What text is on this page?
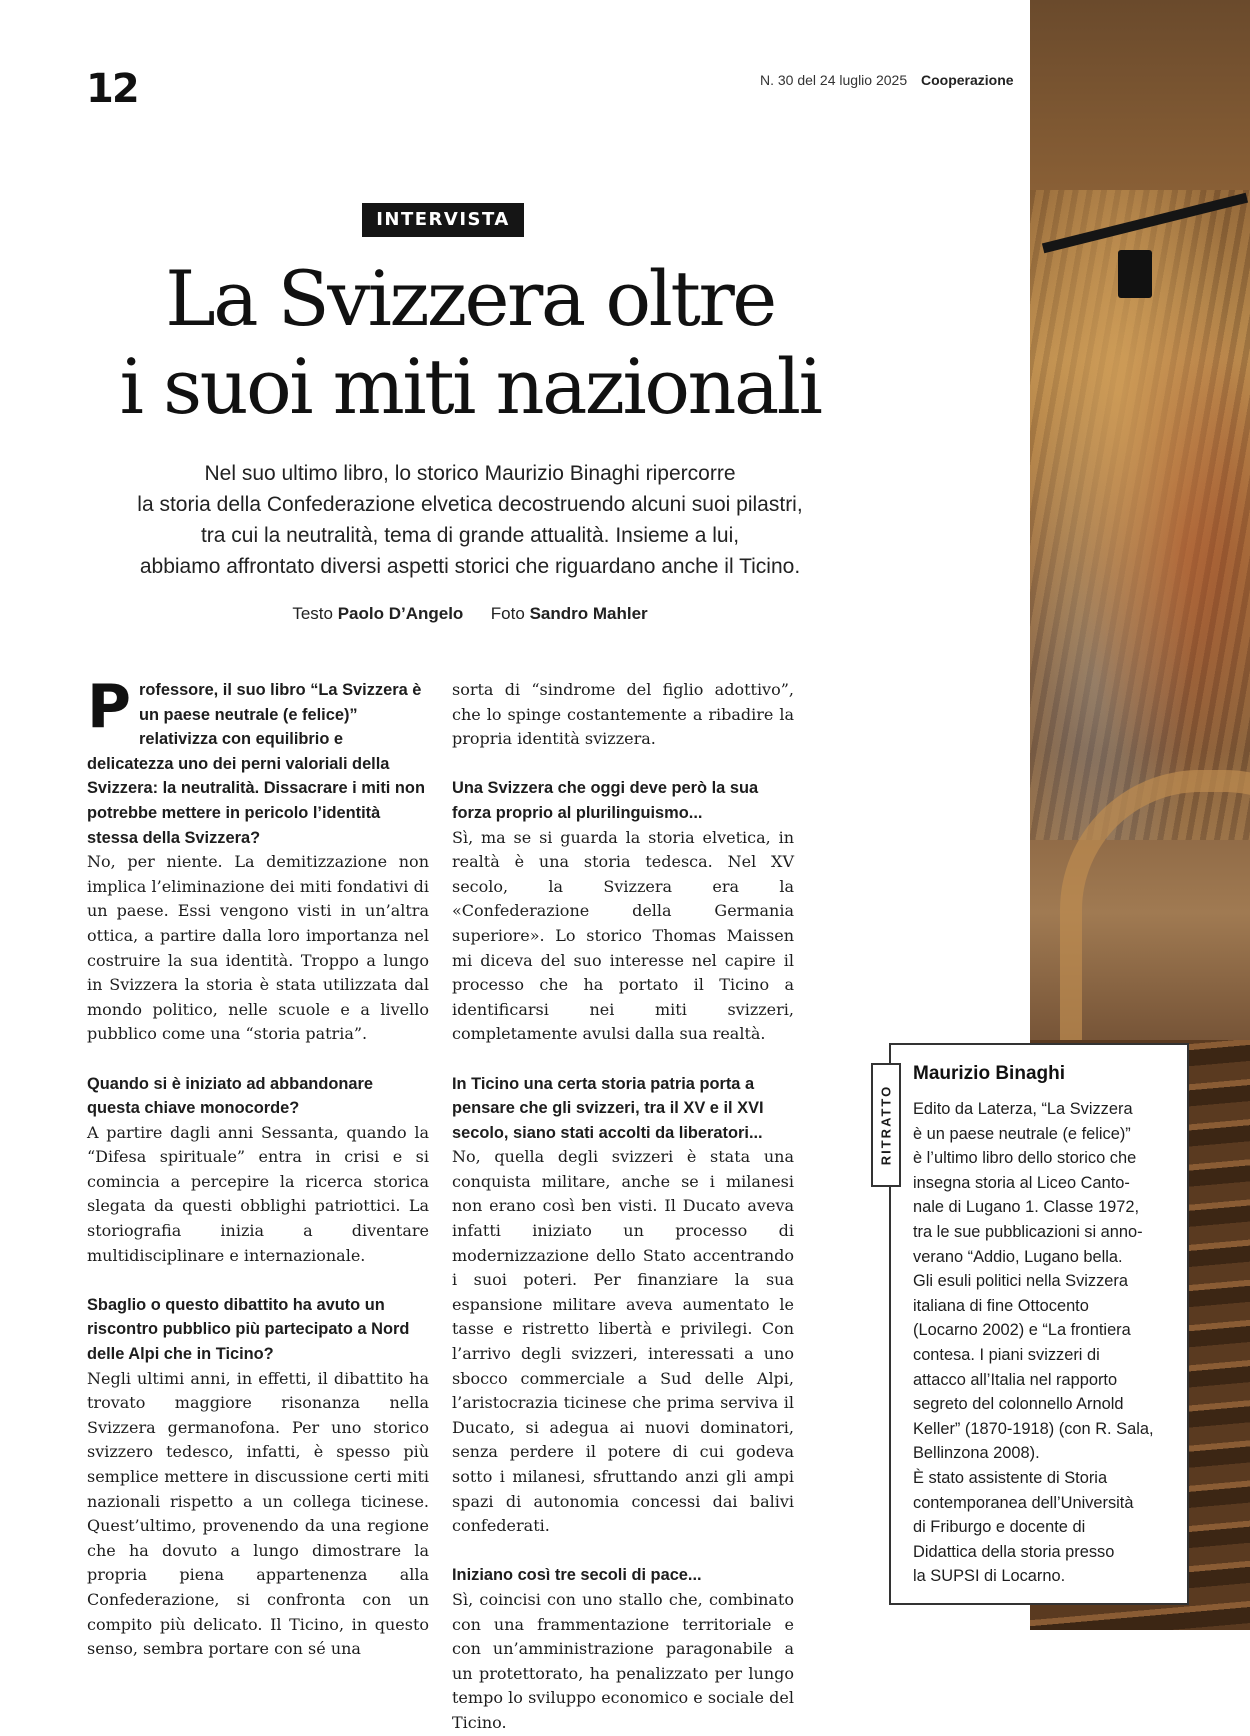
12	N. 30 del 24 luglio 2025 Cooperazione
INTERVISTA
La Svizzera oltre
i suoi miti nazionali
Nel suo ultimo libro, lo storico Maurizio Binaghi ripercorre
la storia della Confederazione elvetica decostruendo alcuni suoi pilastri,
tra cui la neutralità, tema di grande attualità. Insieme a lui,
abbiamo affrontato diversi aspetti storici che riguardano anche il Ticino.
Testo Paolo D’Angelo Foto Sandro Mahler
Professore, il suo libro “La Svizzera è un paese neutrale (e felice)” relativizza con equilibrio e delicatezza uno dei perni valoriali della Svizzera: la neutralità. Dissacrare i miti non potrebbe mettere in pericolo l’identità stessa della Svizzera?

No, per niente. La demitizzazione non implica l’eliminazione dei miti fondativi di un paese. Essi vengono visti in un’altra ottica, a partire dalla loro importanza nel costruire la sua identità. Troppo a lungo in Svizzera la storia è stata utilizzata dal mondo politico, nelle scuole e a livello pubblico come una “storia patria”.

Quando si è iniziato ad abbandonare questa chiave monocorde?

A partire dagli anni Sessanta, quando la “Difesa spirituale” entra in crisi e si comincia a percepire la ricerca storica slegata da questi obblighi patriottici. La storiografia inizia a diventare multidisciplinare e internazionale.

Sbaglio o questo dibattito ha avuto un riscontro pubblico più partecipato a Nord delle Alpi che in Ticino?

Negli ultimi anni, in effetti, il dibattito ha trovato maggiore risonanza nella Svizzera germanofona. Per uno storico svizzero tedesco, infatti, è spesso più semplice mettere in discussione certi miti nazionali rispetto a un collega ticinese. Quest’ultimo, provenendo da una regione che ha dovuto a lungo dimostrare la propria piena appartenenza alla Confederazione, si confronta con un compito più delicato. Il Ticino, in questo senso, sembra portare con sé una

sorta di “sindrome del figlio adottivo”, che lo spinge costantemente a ribadire la propria identità svizzera.

Una Svizzera che oggi deve però la sua forza proprio al plurilinguismo...

Sì, ma se si guarda la storia elvetica, in realtà è una storia tedesca. Nel XV secolo, la Svizzera era la «Confederazione della Germania superiore». Lo storico Thomas Maissen mi diceva del suo interesse nel capire il processo che ha portato il Ticino a identificarsi nei miti svizzeri, completamente avulsi dalla sua realtà.

In Ticino una certa storia patria porta a pensare che gli svizzeri, tra il XV e il XVI secolo, siano stati accolti da liberatori...

No, quella degli svizzeri è stata una conquista militare, anche se i milanesi non erano così ben visti. Il Ducato aveva infatti iniziato un processo di modernizzazione dello Stato accentrando i suoi poteri. Per finanziare la sua espansione militare aveva aumentato le tasse e ristretto libertà e privilegi. Con l’arrivo degli svizzeri, interessati a uno sbocco commerciale a Sud delle Alpi, l’aristocrazia ticinese che prima serviva il Ducato, si adegua ai nuovi dominatori, senza perdere il potere di cui godeva sotto i milanesi, sfruttando anzi gli ampi spazi di autonomia concessi dai balivi confederati.

Iniziano così tre secoli di pace...

Sì, coincisi con uno stallo che, combinato con una frammentazione territoriale e con un’amministrazione paragonabile a un protettorato, ha penalizzato per lungo tempo lo sviluppo economico e sociale del Ticino.

RITRATTO
Maurizio Binaghi
Edito da Laterza, “La Svizzera
è un paese neutrale (e felice)”
è l’ultimo libro dello storico che
insegna storia al Liceo Canto-
nale di Lugano 1. Classe 1972,
tra le sue pubblicazioni si anno-
verano “Addio, Lugano bella.
Gli esuli politici nella Svizzera
italiana di fine Ottocento
(Locarno 2002) e “La frontiera
contesa. I piani svizzeri di
attacco all’Italia nel rapporto
segreto del colonnello Arnold
Keller” (1870-1918) (con R. Sala,
Bellinzona 2008).
È stato assistente di Storia
contemporanea dell’Università
di Friburgo e docente di
Didattica della storia presso
la SUPSI di Locarno.
